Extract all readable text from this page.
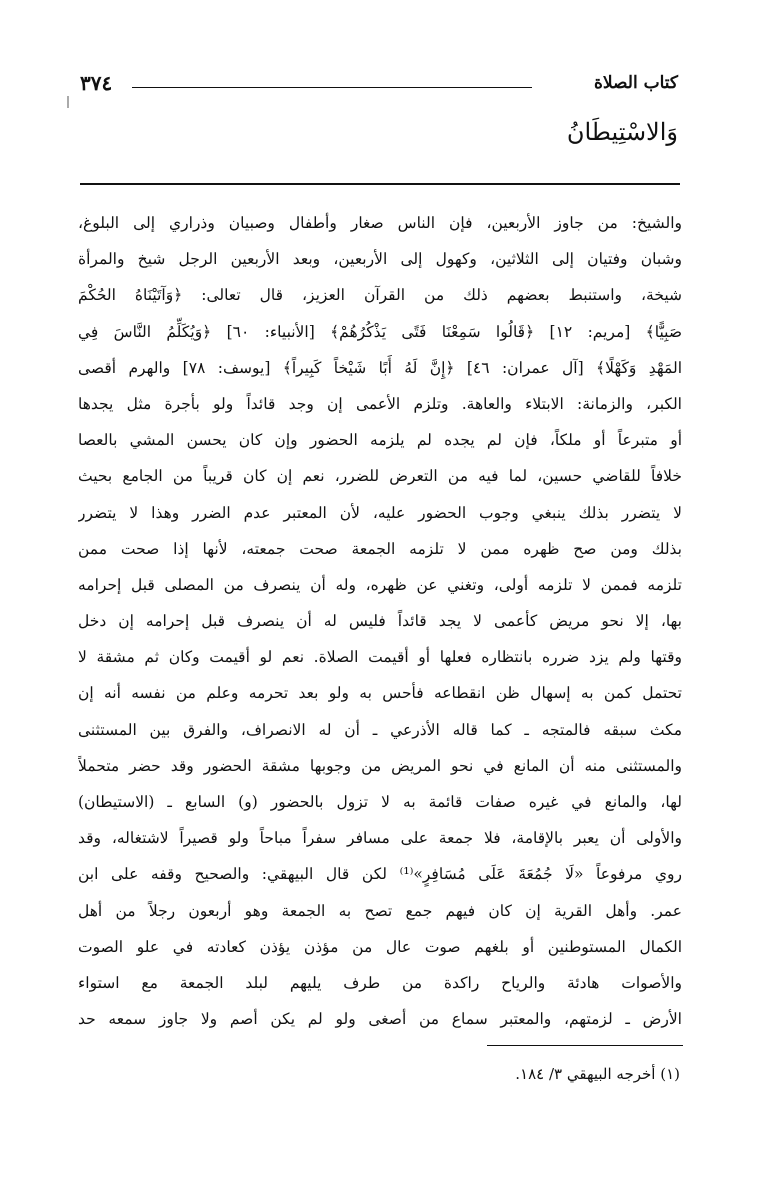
٣٧٤	كتاب الصلاة
وَالاسْتِيطَانُ
والشيخ: من جاوز الأربعين، فإن الناس صغار وأطفال وصبيان وذراري إلى البلوغ،
وشبان وفتيان إلى الثلاثين، وكهول إلى الأربعين، وبعد الأربعين الرجل شيخ والمرأة
شيخة، واستنبط بعضهم ذلك من القرآن العزيز، قال تعالى: ﴿وَآتَيْنَاهُ الحُكْمَ
صَبِيًّا﴾ [مريم: ١٢] ﴿قَالُوا سَمِعْنَا فَتًى يَذْكُرُهُمْ﴾ [الأنبياء: ٦٠] ﴿وَيُكَلِّمُ النَّاسَ فِي
المَهْدِ وَكَهْلًا﴾ [آل عمران: ٤٦] ﴿إِنَّ لَهُ أَبًا شَيْخاً كَبِيراً﴾ [يوسف: ٧٨] والهرم أقصى
الكبر، والزمانة: الابتلاء والعاهة. وتلزم الأعمى إن وجد قائداً ولو بأجرة مثل يجدها
أو متبرعاً أو ملكاً، فإن لم يجده لم يلزمه الحضور وإن كان يحسن المشي بالعصا
خلافاً للقاضي حسين، لما فيه من التعرض للضرر، نعم إن كان قريباً من الجامع بحيث
لا يتضرر بذلك ينبغي وجوب الحضور عليه، لأن المعتبر عدم الضرر وهذا لا يتضرر
بذلك ومن صح ظهره ممن لا تلزمه الجمعة صحت جمعته، لأنها إذا صحت ممن
تلزمه فممن لا تلزمه أولى، وتغني عن ظهره، وله أن ينصرف من المصلى قبل إحرامه
بها، إلا نحو مريض كأعمى لا يجد قائداً فليس له أن ينصرف قبل إحرامه إن دخل
وقتها ولم يزد ضرره بانتظاره فعلها أو أقيمت الصلاة. نعم لو أقيمت وكان ثم مشقة لا
تحتمل كمن به إسهال ظن انقطاعه فأحس به ولو بعد تحرمه وعلم من نفسه أنه إن
مكث سبقه فالمتجه ـ كما قاله الأذرعي ـ أن له الانصراف، والفرق بين المستثنى
والمستثنى منه أن المانع في نحو المريض من وجوبها مشقة الحضور وقد حضر متحملاً
لها، والمانع في غيره صفات قائمة به لا تزول بالحضور (و) السابع ـ (الاستيطان)
والأولى أن يعبر بالإقامة، فلا جمعة على مسافر سفراً مباحاً ولو قصيراً لاشتغاله، وقد
روي مرفوعاً «لَا جُمُعَةَ عَلَى مُسَافِرٍ»⁽¹⁾ لكن قال البيهقي: والصحيح وقفه على ابن
عمر. وأهل القرية إن كان فيهم جمع تصح به الجمعة وهو أربعون رجلاً من أهل
الكمال المستوطنين أو بلغهم صوت عال من مؤذن يؤذن كعادته في علو الصوت
والأصوات هادئة والرياح راكدة من طرف يليهم لبلد الجمعة مع استواء
الأرض ـ لزمتهم، والمعتبر سماع من أصغى ولو لم يكن أصم ولا جاوز سمعه حد
(١) أخرجه البيهقي ٣/ ١٨٤.
